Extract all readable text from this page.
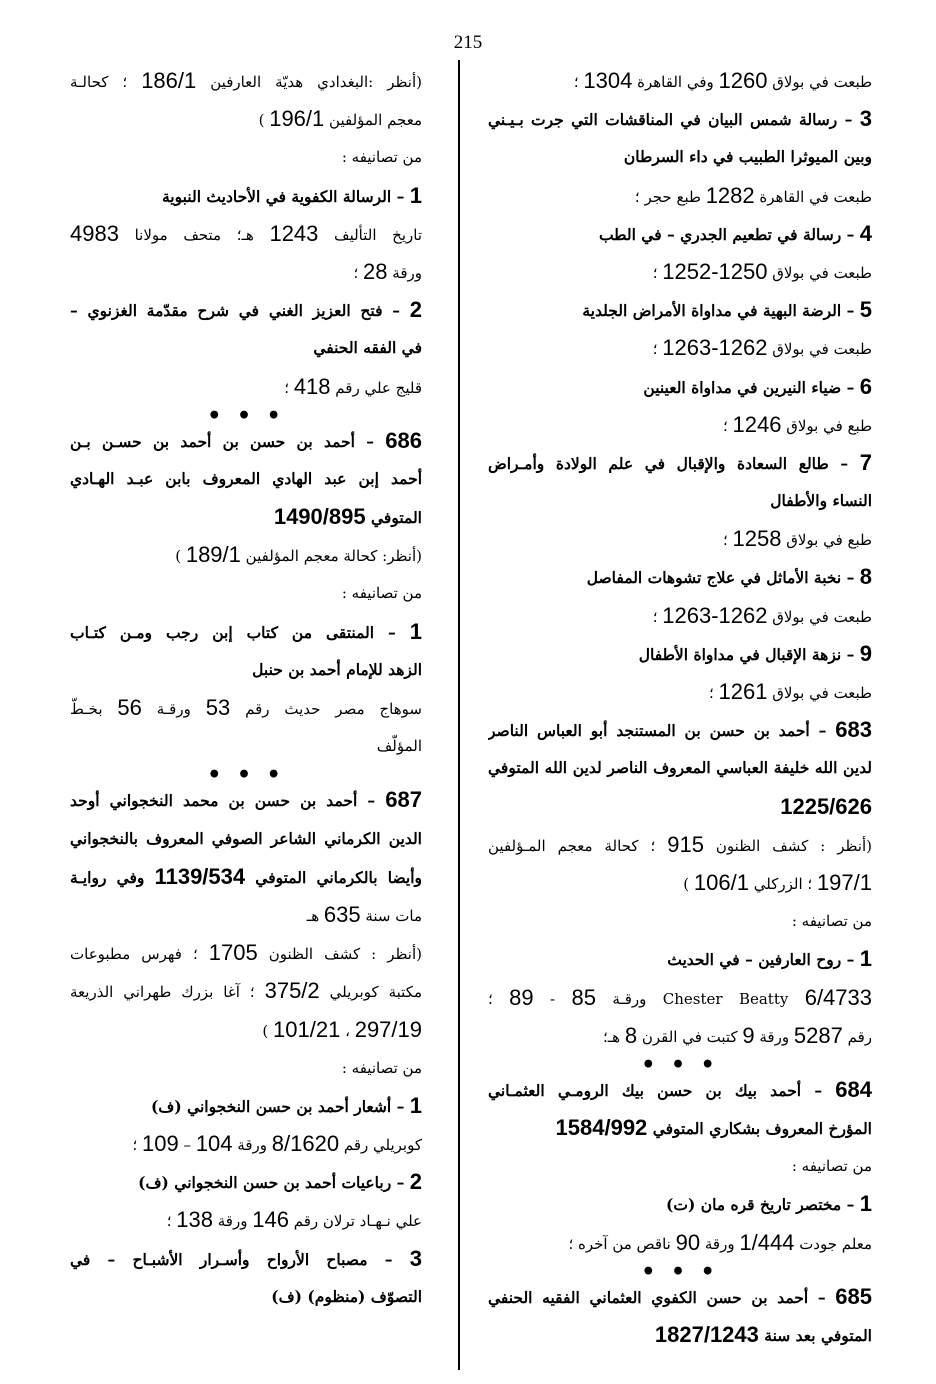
215
طبعت في بولاق 1260 وفي القاهرة 1304 ؛
3 – رسالة شمس البيان في المناقشات التي جرت بـيـني
وبين الميوثرا الطبيب في داء السرطان
طبعت في القاهرة 1282 طبع حجر ؛
4 – رسالة في تطعيم الجدري – في الطب
طبعت في بولاق 1250-1252 ؛
5 – الرضة البهية في مداواة الأمراض الجلدية
طبعت في بولاق 1262-1263 ؛
6 – ضياء النيرين في مداواة العينين
طبع في بولاق 1246 ؛
7 – طالع السعادة والإقبال في علم الولادة وأمـراض
النساء والأطفال
طبع في بولاق 1258 ؛
8 – نخبة الأماثل في علاج تشوهات المفاصل
طبعت في بولاق 1262-1263 ؛
9 – نزهة الإقبال في مداواة الأطفال
طبعت في بولاق 1261 ؛
683 – أحمد بن حسن بن المستنجد أبو العباس الناصر
لدين الله خليفة العباسي المعروف الناصر لدين الله المتوفي
1225/626
(أنظر : كشف الظنون 915 ؛ كحالة معجم المـؤلفين
197/1 ؛ الزركلي 106/1 )
من تصانيفه :
1 – روح العارفين – في الحديث
Chester Beatty 6/4733 ورقـة 85 - 89 ؛
رقم 5287 ورقة 9 كتبت في القرن 8 هـ؛
• • •
684 – أحمد بيك بن حسن بيك الرومـي العثمـاني
المؤرخ المعروف بشكاري المتوفي 1584/992
من تصانيفه :
1 – مختصر تاريخ قره مان (ت)
معلم جودت 1/444 ورقة 90 ناقص من آخره ؛
• • •
685 – أحمد بن حسن الكفوي العثماني الفقيه الحنفي
المتوفي بعد سنة 1827/1243
(أنظر :البغدادي هديّة العارفين 186/1 ؛ كحالـة
معجم المؤلفين 196/1 )
من تصانيفه :
1 – الرسالة الكفوية في الأحاديث النبوية
تاريخ التأليف 1243 هـ؛ متحف مولانا 4983
ورقة 28 ؛
2 – فتح العزيز الغني في شرح مقدّمة الغزنوي –
في الفقه الحنفي
قليج علي رقم 418 ؛
• • •
686 – أحمد بن حسن بن أحمد بن حسـن بـن
أحمد إبن عبد الهادي المعروف بابن عبـد الهـادي
المتوفي 1490/895
(أنظر: كحالة معجم المؤلفين 189/1 )
من تصانيفه :
1 – المنتقى من كتاب إبن رجب ومـن كتـاب
الزهد للإمام أحمد بن حنبل
سوهاج مصر حديث رقم 53 ورقـة 56 بخـطّ
المؤلّف
• • •
687 – أحمد بن حسن بن محمد النخجواني أوحد
الدين الكرماني الشاعر الصوفي المعروف بالنخجواني
وأيضا بالكرماني المتوفي 1139/534 وفي روايـة
مات سنة 635 هـ
(أنظر : كشف الظنون 1705 ؛ فهرس مطبوعات
مكتبة كوبريلي 375/2 ؛ آغا بزرك طهراني الذريعة
297/19 ، 101/21 )
من تصانيفه :
1 – أشعار أحمد بن حسن النخجواني (ف)
كوبريلي رقم 8/1620 ورقة 104 – 109 ؛
2 – رباعيات أحمد بن حسن النخجواني (ف)
علي نـهـاد ترلان رقم 146 ورقة 138 ؛
3 – مصباح الأرواح وأسـرار الأشبـاح – في
التصوّف (منظوم) (ف)
